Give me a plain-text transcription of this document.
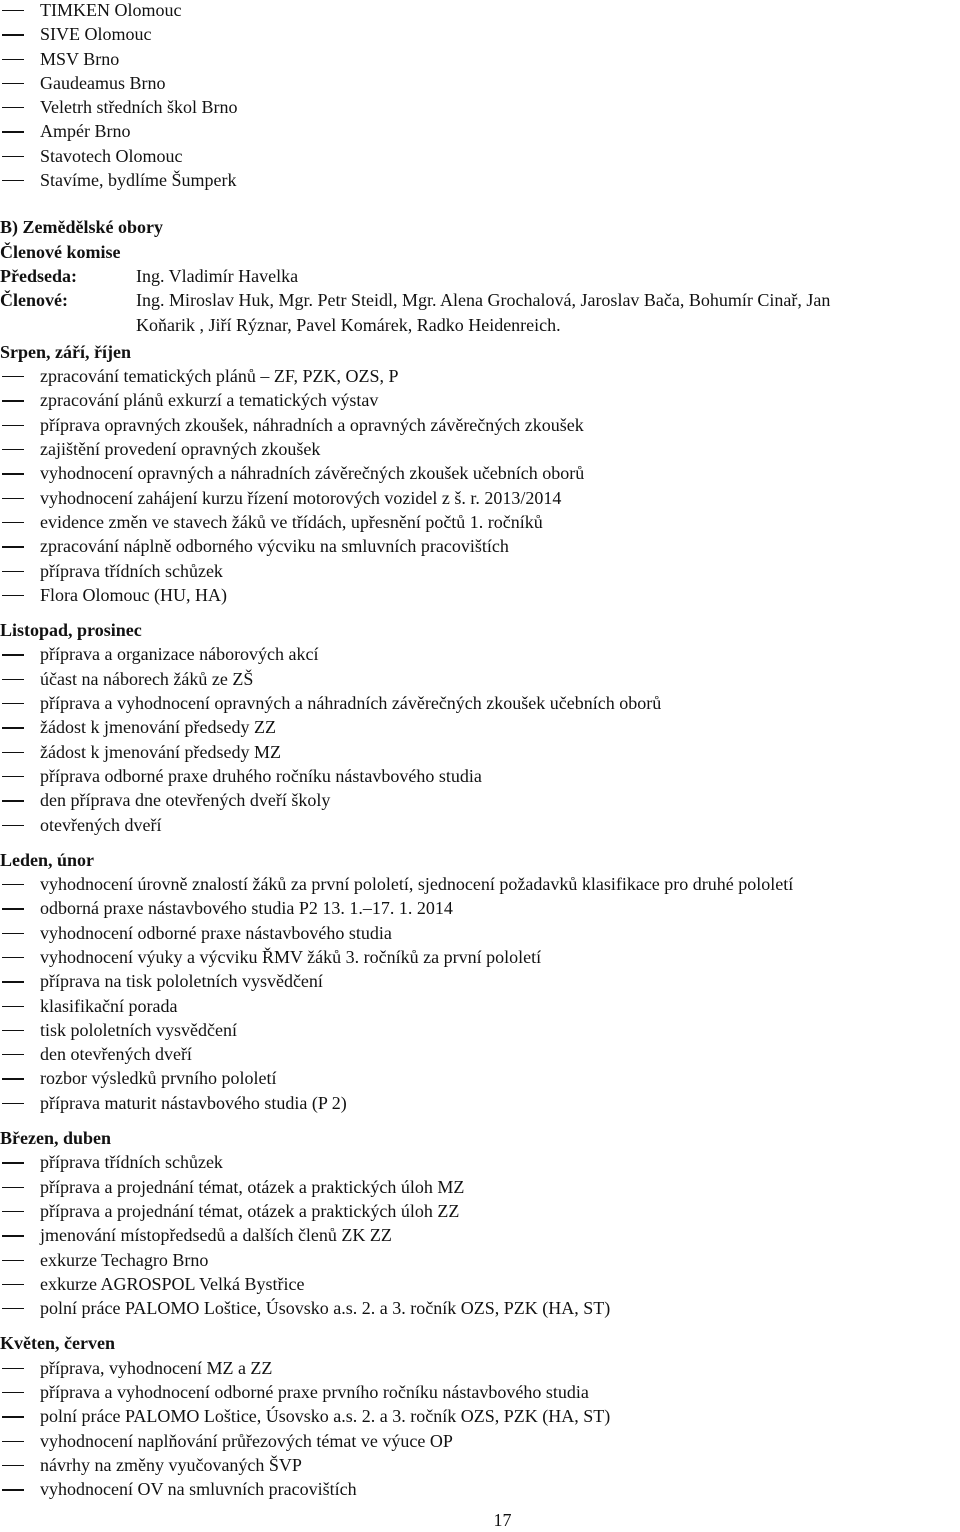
TIMKEN Olomouc
SIVE Olomouc
MSV Brno
Gaudeamus Brno
Veletrh středních škol Brno
Ampér Brno
Stavotech Olomouc
Stavíme, bydlíme Šumperk
B) Zemědělské obory
Členové komise
Předseda:	Ing. Vladimír Havelka
Členové:	Ing. Miroslav Huk, Mgr. Petr Steidl, Mgr. Alena Grochalová, Jaroslav Bača, Bohumír Cinař, Jan
Koňarik , Jiří Rýznar, Pavel Komárek, Radko Heidenreich.
Srpen, září, říjen
zpracování tematických plánů – ZF, PZK, OZS, P
zpracování plánů exkurzí a tematických výstav
příprava opravných zkoušek, náhradních a opravných závěrečných zkoušek
zajištění provedení opravných zkoušek
vyhodnocení opravných a náhradních závěrečných zkoušek učebních oborů
vyhodnocení zahájení kurzu řízení motorových vozidel z š. r. 2013/2014
evidence změn ve stavech žáků ve třídách, upřesnění počtů 1. ročníků
zpracování náplně odborného výcviku na smluvních pracovištích
příprava třídních schůzek
Flora Olomouc (HU, HA)
Listopad, prosinec
příprava a organizace náborových akcí
účast na náborech žáků ze ZŠ
příprava a vyhodnocení opravných a náhradních závěrečných zkoušek učebních oborů
žádost k jmenování předsedy ZZ
žádost k jmenování předsedy MZ
příprava odborné praxe druhého ročníku nástavbového studia
den příprava dne otevřených dveří školy
otevřených dveří
Leden, únor
vyhodnocení úrovně znalostí žáků za první pololetí, sjednocení požadavků klasifikace pro druhé pololetí
odborná praxe nástavbového studia P2 13. 1.–17. 1. 2014
vyhodnocení odborné praxe nástavbového studia
vyhodnocení výuky a výcviku ŘMV žáků 3. ročníků za první pololetí
příprava na tisk pololetních vysvědčení
klasifikační porada
tisk pololetních vysvědčení
den otevřených dveří
rozbor výsledků prvního pololetí
příprava maturit nástavbového studia (P 2)
Březen, duben
příprava třídních schůzek
příprava a projednání témat, otázek a praktických úloh MZ
příprava a projednání témat, otázek a praktických úloh ZZ
jmenování místopředsedů a dalších členů ZK ZZ
exkurze Techagro Brno
exkurze AGROSPOL Velká Bystřice
polní práce PALOMO Loštice, Úsovsko a.s. 2. a 3. ročník OZS, PZK (HA, ST)
Květen, červen
příprava, vyhodnocení MZ a ZZ
příprava a vyhodnocení odborné praxe prvního ročníku nástavbového studia
polní práce PALOMO Loštice, Úsovsko a.s. 2. a 3. ročník OZS, PZK (HA, ST)
vyhodnocení naplňování průřezových témat ve výuce OP
návrhy na změny vyučovaných ŠVP
vyhodnocení OV na smluvních pracovištích
17
